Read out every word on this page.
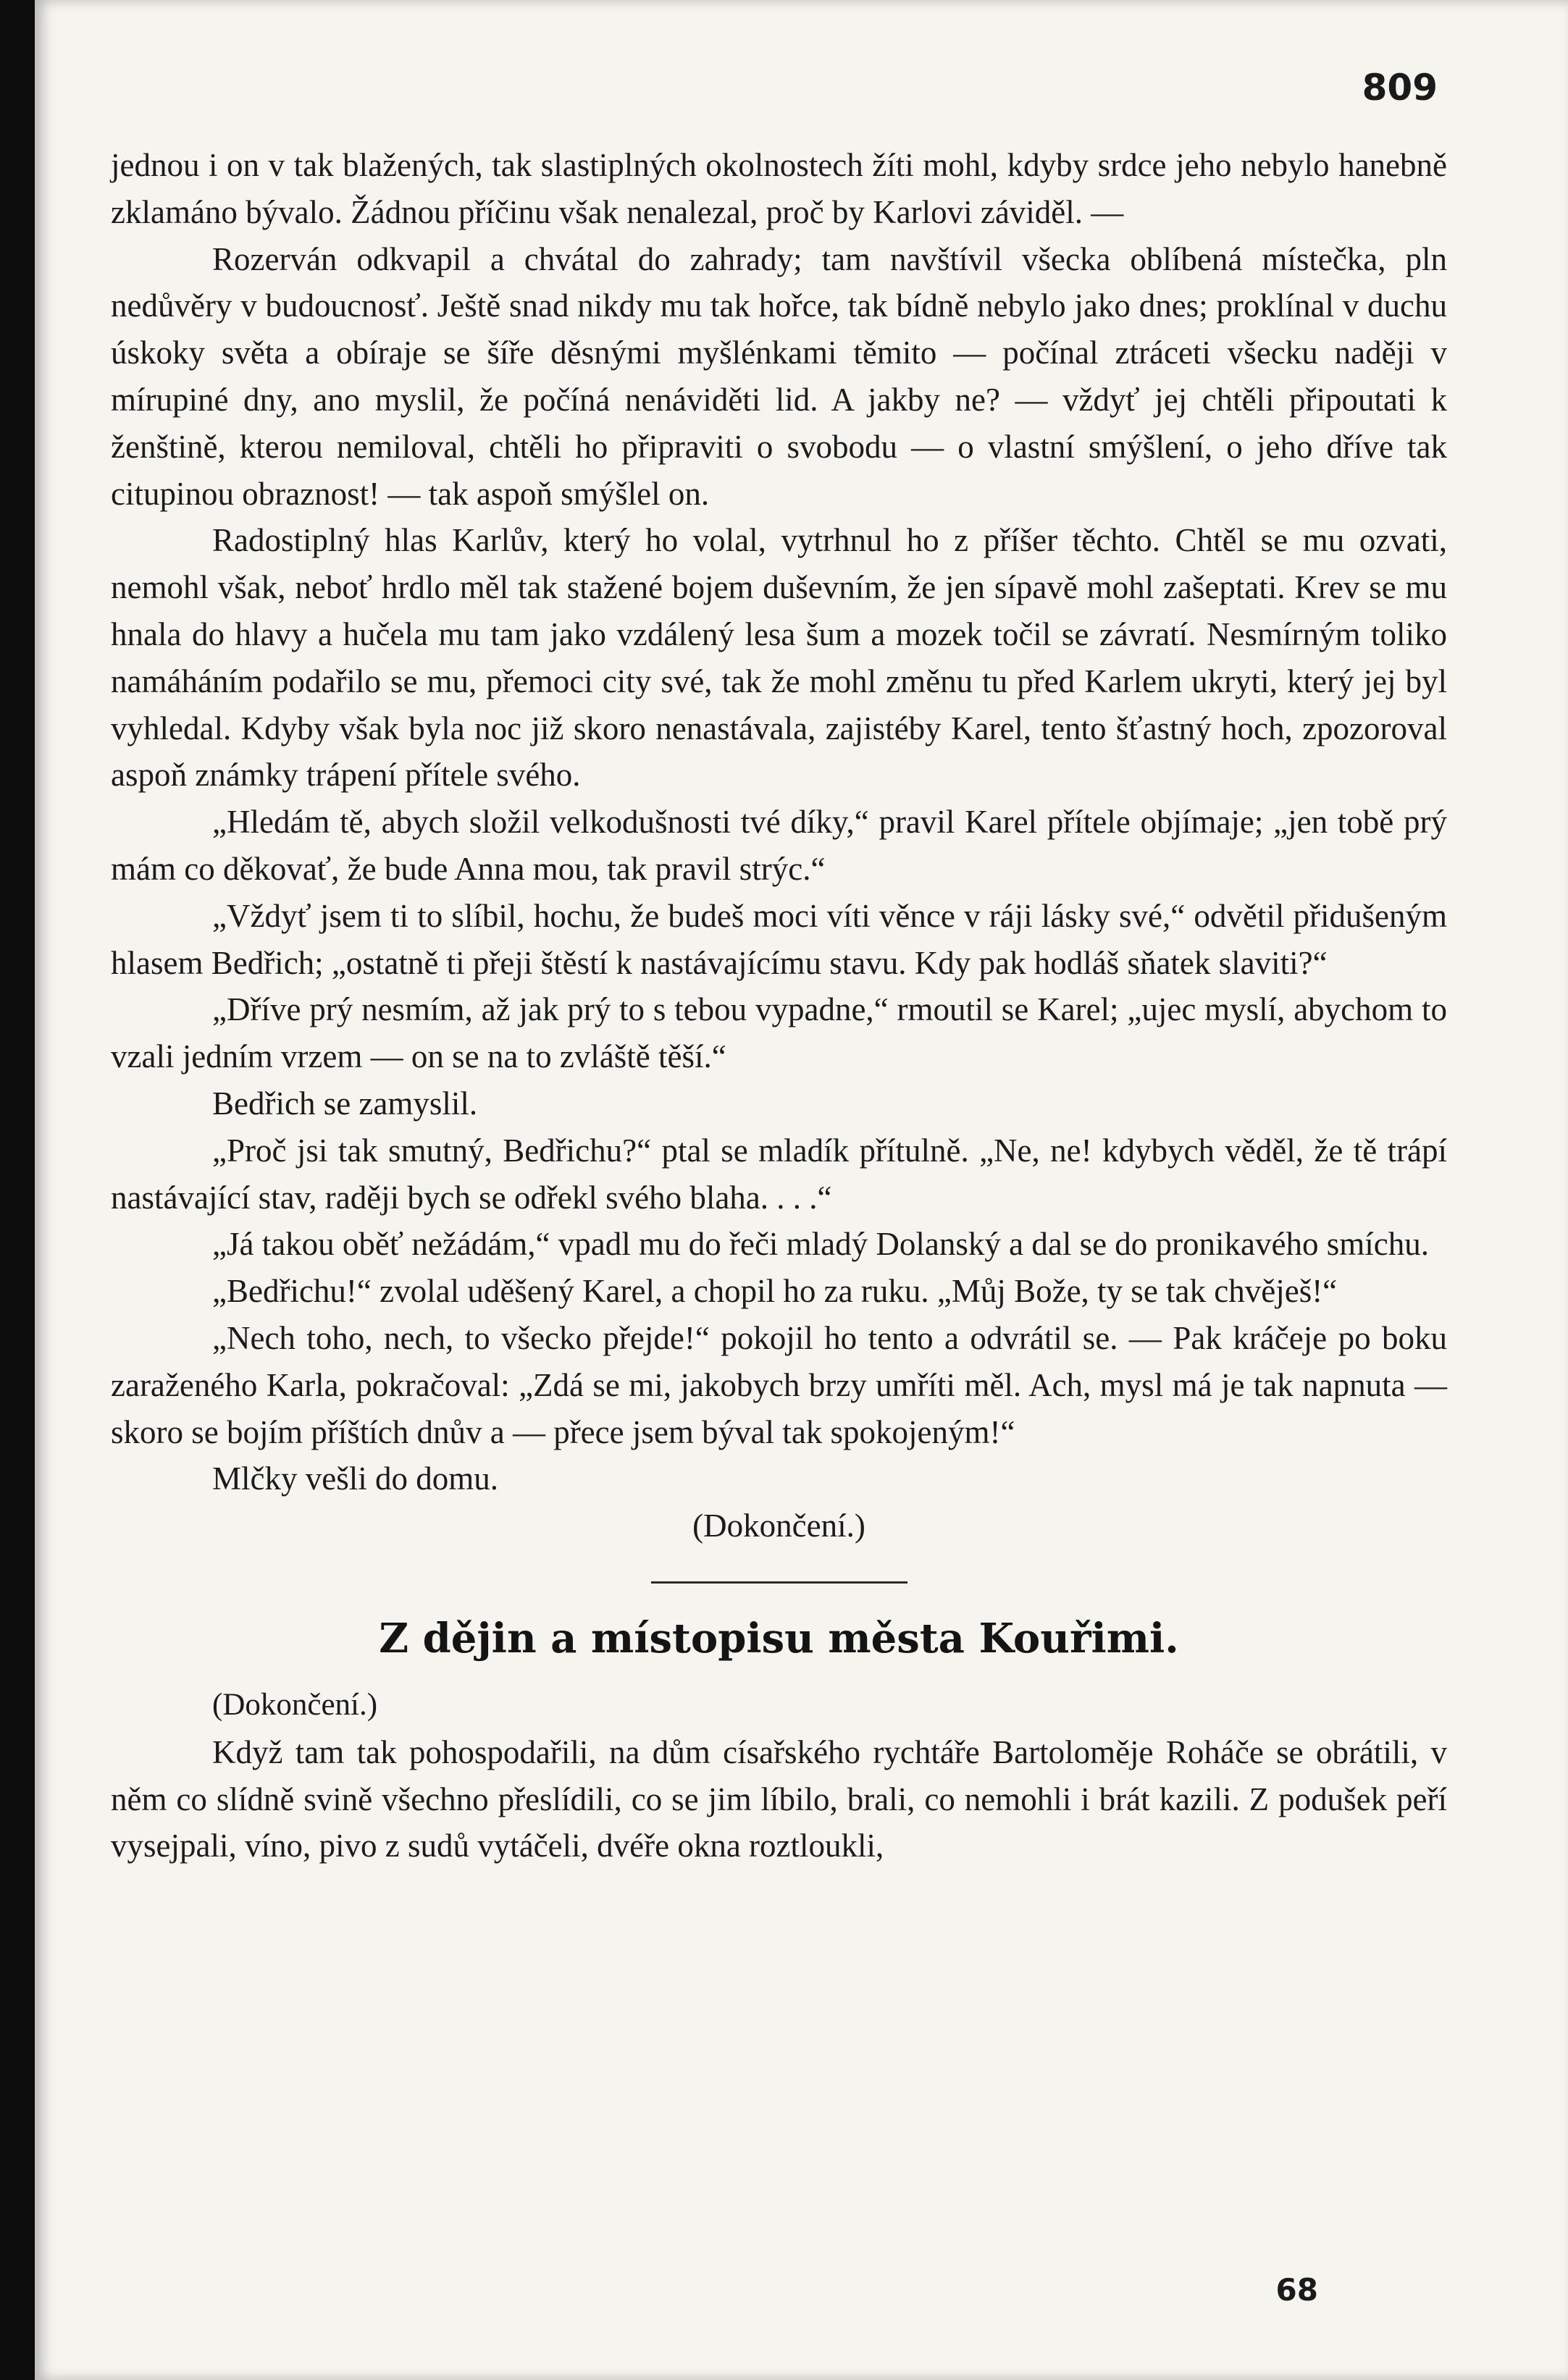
809

jednou i on v tak blažených, tak slastiplných okolnostech žíti mohl, kdyby srdce jeho nebylo hanebně zklamáno bývalo. Žádnou příčinu však nenalezal, proč by Karlovi záviděl. —

Rozerván odkvapil a chvátal do zahrady; tam navštívil všecka oblíbená místečka, pln nedůvěry v budoucnosť. Ještě snad nikdy mu tak hořce, tak bídně nebylo jako dnes; proklínal v duchu úskoky světa a obíraje se šíře děsnými myšlénkami těmito — počínal ztráceti všecku naději v mírupiné dny, ano myslil, že počíná nenáviděti lid. A jakby ne? — vždyť jej chtěli připoutati k ženštině, kterou nemiloval, chtěli ho připraviti o svobodu — o vlastní smýšlení, o jeho dříve tak citupinou obraznost! — tak aspoň smýšlel on.

Radostiplný hlas Karlův, který ho volal, vytrhnul ho z příšer těchto. Chtěl se mu ozvati, nemohl však, neboť hrdlo měl tak stažené bojem duševním, že jen sípavě mohl zašeptati. Krev se mu hnala do hlavy a hučela mu tam jako vzdálený lesa šum a mozek točil se závratí. Nesmírným toliko namáháním podařilo se mu, přemoci city své, tak že mohl změnu tu před Karlem ukryti, který jej byl vyhledal. Kdyby však byla noc již skoro nenastávala, zajistéby Karel, tento šťastný hoch, zpozoroval aspoň známky trápení přítele svého.

„Hledám tě, abych složil velkodušnosti tvé díky,“ pravil Karel přítele objímaje; „jen tobě prý mám co děkovať, že bude Anna mou, tak pravil strýc.“

„Vždyť jsem ti to slíbil, hochu, že budeš moci víti věnce v ráji lásky své,“ odvětil přidušeným hlasem Bedřich; „ostatně ti přeji štěstí k nastávajícímu stavu. Kdy pak hodláš sňatek slaviti?“

„Dříve prý nesmím, až jak prý to s tebou vypadne,“ rmoutil se Karel; „ujec myslí, abychom to vzali jedním vrzem — on se na to zvláště těší.“

Bedřich se zamyslil.

„Proč jsi tak smutný, Bedřichu?“ ptal se mladík přítulně. „Ne, ne! kdybych věděl, že tě trápí nastávající stav, raději bych se odřekl svého blaha. . . .“

„Já takou oběť nežádám,“ vpadl mu do řeči mladý Dolanský a dal se do pronikavého smíchu.

„Bedřichu!“ zvolal uděšený Karel, a chopil ho za ruku. „Můj Bože, ty se tak chvěješ!“

„Nech toho, nech, to všecko přejde!“ pokojil ho tento a odvrátil se. — Pak kráčeje po boku zaraženého Karla, pokračoval: „Zdá se mi, jakobych brzy umříti měl. Ach, mysl má je tak napnuta — skoro se bojím příštích dnův a — přece jsem býval tak spokojeným!“

Mlčky vešli do domu.

(Dokončení.)

Z dějin a místopisu města Kouřimi.

(Dokončení.)

Když tam tak pohospodařili, na dům císařského rychtáře Bartoloměje Roháče se obrátili, v něm co slídně svině všechno přeslídili, co se jim líbilo, brali, co nemohli i brát kazili. Z podušek peří vysejpali, víno, pivo z sudů vytáčeli, dvéře okna roztloukli,

68
